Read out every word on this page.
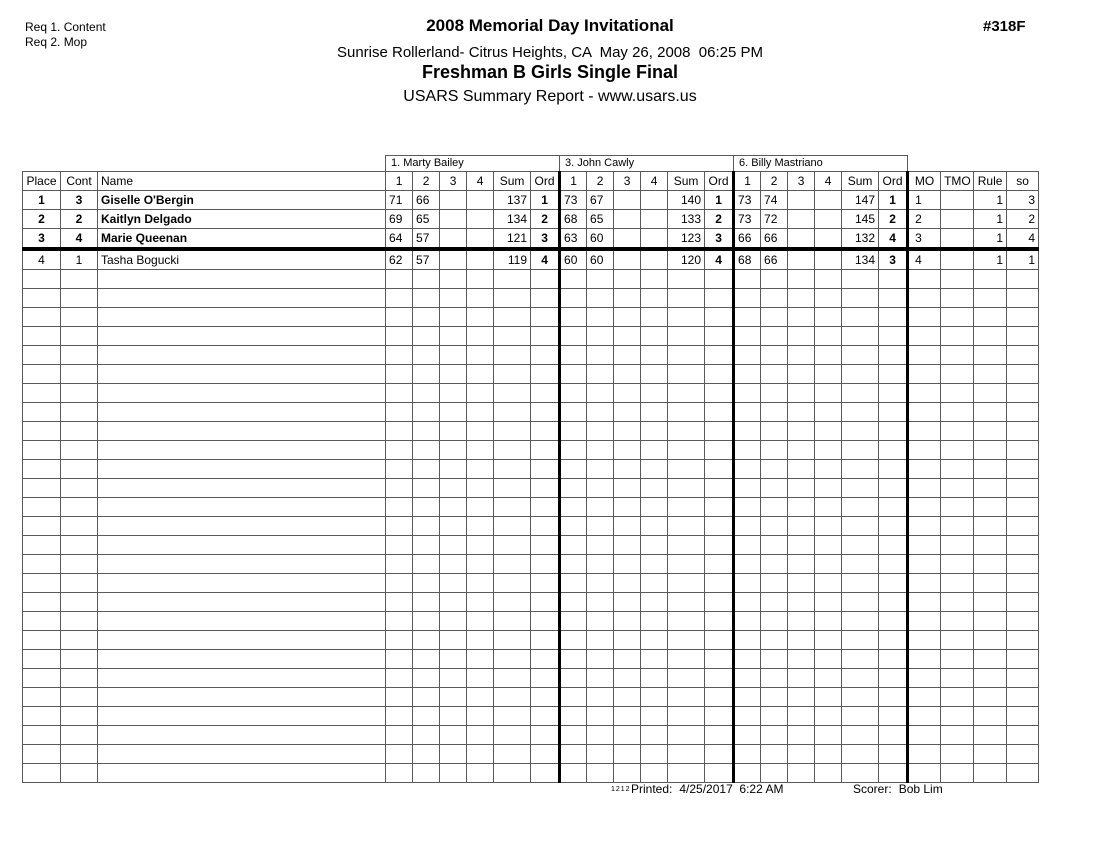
Req 1. Content
Req 2. Mop
2008 Memorial Day Invitational
Sunrise Rollerland- Citrus Heights, CA  May 26, 2008  06:25 PM
Freshman B Girls Single Final
USARS Summary Report - www.usars.us
#318F
			1. Marty Bailey						3. John Cawly						6. Billy Mastriano									
Place	Cont	Name	1	2	3	4	Sum	Ord	1	2	3	4	Sum	Ord	1	2	3	4	Sum	Ord	MO	TMO	Rule	so
1	3	Giselle O'Bergin	71	66			137	1	73	67			140	1	73	74			147	1	1		1	3
2	2	Kaitlyn Delgado	69	65			134	2	68	65			133	2	73	72			145	2	2		1	2
3	4	Marie Queenan	64	57			121	3	63	60			123	3	66	66			132	4	3		1	4
4	1	Tasha Bogucki	62	57			119	4	60	60			120	4	68	66			134	3	4		1	1

1212 Printed: 4/25/2017  6:22 AM	Scorer: Bob Lim
